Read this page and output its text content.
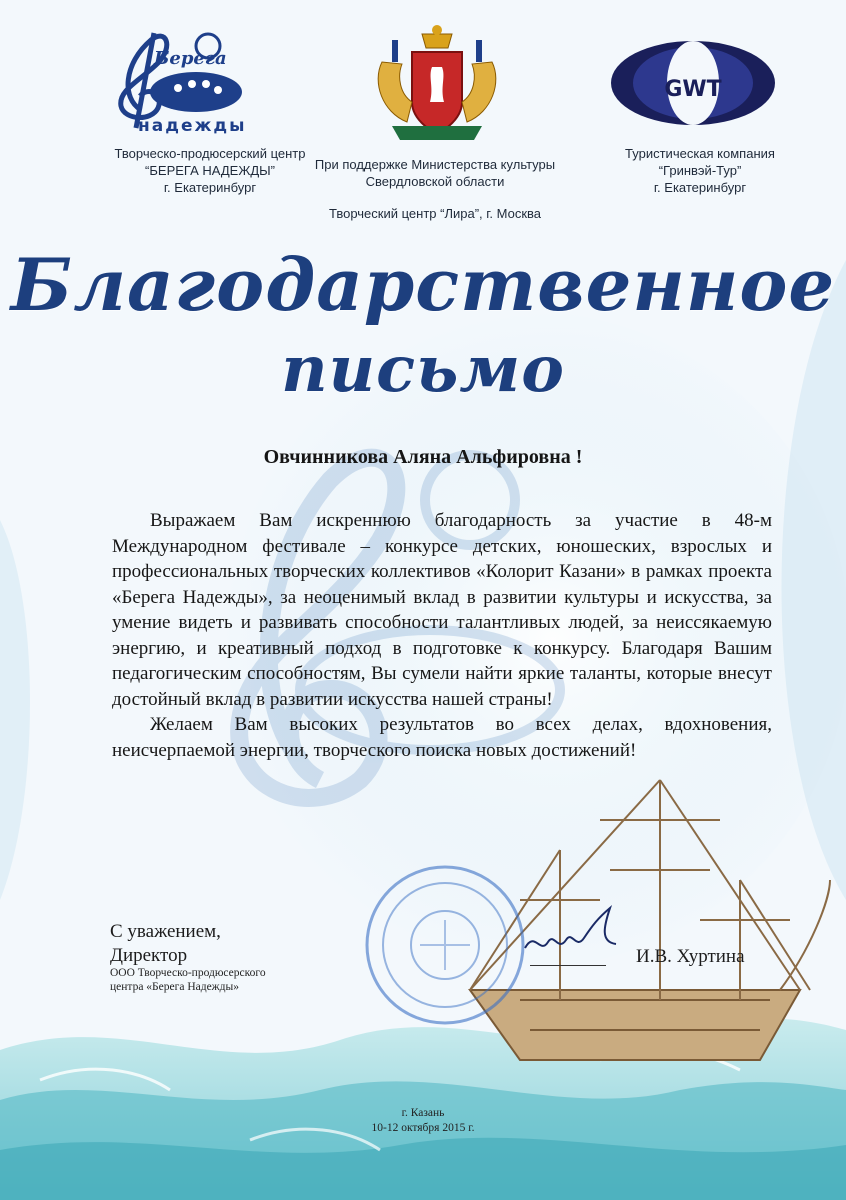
Берега
надежды
GWT
Творческо-продюсерский центр
“БЕРЕГА НАДЕЖДЫ”
г. Екатеринбург
При поддержке Министерства культуры
Свердловской области
Творческий центр “Лира”, г. Москва
Туристическая компания
“Гринвэй-Тур”
г. Екатеринбург
Благодарственное
письмо
Овчинникова Аляна Альфировна !

Выражаем Вам искреннюю благодарность за участие в 48-м Международном фестивале – конкурсе детских, юношеских, взрослых и профессиональных творческих коллективов «Колорит Казани» в рамках проекта «Берега Надежды», за неоценимый вклад в развитии культуры и искусства, за умение видеть и развивать способности талантливых людей, за неиссякаемую энергию, и креативный подход в подготовке к конкурсу. Благодаря Вашим педагогическим способностям, Вы сумели найти яркие таланты, которые внесут достойный вклад в развитии искусства нашей страны!

Желаем Вам высоких результатов во всех делах, вдохновения, неисчерпаемой энергии, творческого поиска новых достижений!

С уважением,
Директор
ООО Творческо-продюсерского
центра «Берега Надежды»
И.В. Хуртина
г. Казань
10-12 октября 2015 г.
